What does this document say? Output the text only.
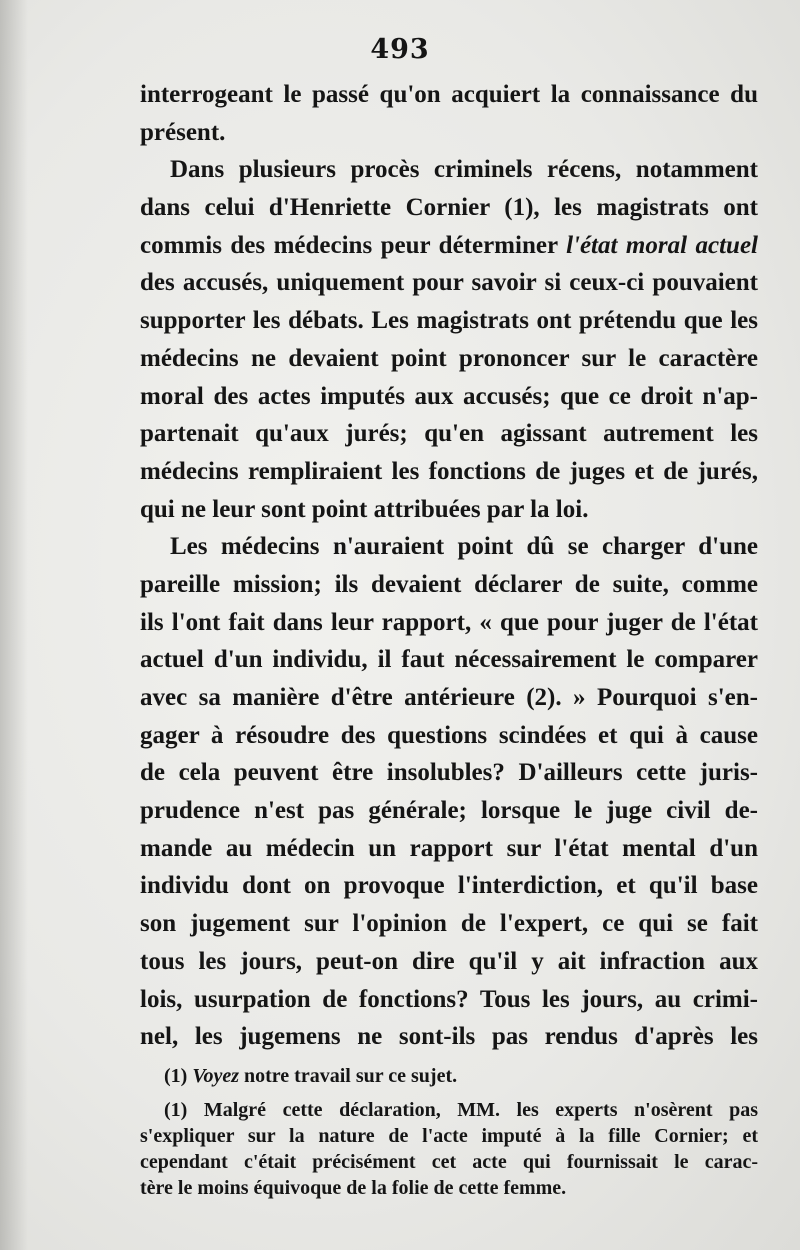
493
interrogeant le passé qu'on acquiert la connaissance du
présent.
Dans plusieurs procès criminels récens, notamment
dans celui d'Henriette Cornier (1), les magistrats ont
commis des médecins peur déterminer l'état moral actuel
des accusés, uniquement pour savoir si ceux-ci pouvaient
supporter les débats. Les magistrats ont prétendu que les
médecins ne devaient point prononcer sur le caractère
moral des actes imputés aux accusés; que ce droit n'ap-
partenait qu'aux jurés; qu'en agissant autrement les
médecins rempliraient les fonctions de juges et de jurés,
qui ne leur sont point attribuées par la loi.
Les médecins n'auraient point dû se charger d'une
pareille mission; ils devaient déclarer de suite, comme
ils l'ont fait dans leur rapport, « que pour juger de l'état
actuel d'un individu, il faut nécessairement le comparer
avec sa manière d'être antérieure (2). » Pourquoi s'en-
gager à résoudre des questions scindées et qui à cause
de cela peuvent être insolubles? D'ailleurs cette juris-
prudence n'est pas générale; lorsque le juge civil de-
mande au médecin un rapport sur l'état mental d'un
individu dont on provoque l'interdiction, et qu'il base
son jugement sur l'opinion de l'expert, ce qui se fait
tous les jours, peut-on dire qu'il y ait infraction aux
lois, usurpation de fonctions? Tous les jours, au crimi-
nel, les jugemens ne sont-ils pas rendus d'après les
(1) Voyez notre travail sur ce sujet.
(1) Malgré cette déclaration, MM. les experts n'osèrent pas
s'expliquer sur la nature de l'acte imputé à la fille Cornier; et
cependant c'était précisément cet acte qui fournissait le carac-
tère le moins équivoque de la folie de cette femme.
